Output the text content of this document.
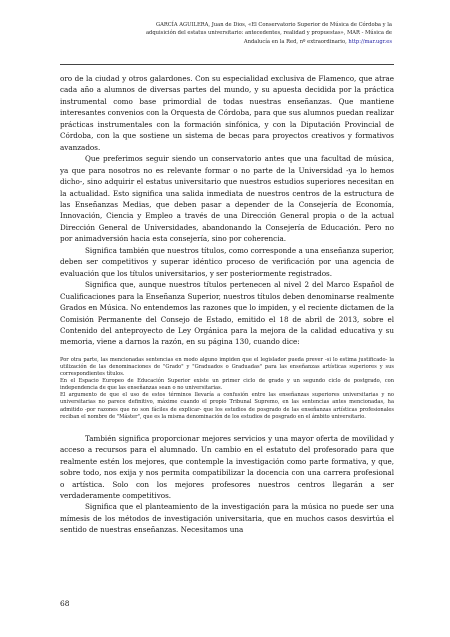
GARCÍA AGUILERA, Juan de Dios, «El Conservatorio Superior de Música de Córdoba y la
adquisición del estatus universitario: antecedentes, realidad y propuestas», MAR - Música de
Andalucía en la Red, nº extraordinario, http://mar.ugr.es

oro de la ciudad y otros galardones. Con su especialidad exclusiva de Flamenco, que atrae cada año a alumnos de diversas partes del mundo, y su apuesta decidida por la práctica instrumental como base primordial de todas nuestras enseñanzas. Que mantiene interesantes convenios con la Orquesta de Córdoba, para que sus alumnos puedan realizar prácticas instrumentales con la formación sinfónica, y con la Diputación Provincial de Córdoba, con la que sostiene un sistema de becas para proyectos creativos y formativos avanzados.

Que preferimos seguir siendo un conservatorio antes que una facultad de música, ya que para nosotros no es relevante formar o no parte de la Universidad -ya lo hemos dicho-, sino adquirir el estatus universitario que nuestros estudios superiores necesitan en la actualidad. Esto significa una salida inmediata de nuestros centros de la estructura de las Enseñanzas Medias, que deben pasar a depender de la Consejería de Economía, Innovación, Ciencia y Empleo a través de una Dirección General propia o de la actual Dirección General de Universidades, abandonando la Consejería de Educación. Pero no por animadversión hacia esta consejería, sino por coherencia.

Significa también que nuestros títulos, como corresponde a una enseñanza superior, deben ser competitivos y superar idéntico proceso de verificación por una agencia de evaluación que los títulos universitarios, y ser posteriormente registrados.

Significa que, aunque nuestros títulos pertenecen al nivel 2 del Marco Español de Cualificaciones para la Enseñanza Superior, nuestros títulos deben denominarse realmente Grados en Música. No entendemos las razones que lo impiden, y el reciente dictamen de la Comisión Permanente del Consejo de Estado, emitido el 18 de abril de 2013, sobre el Contenido del anteproyecto de Ley Orgánica para la mejora de la calidad educativa y su memoria, viene a darnos la razón, en su página 130, cuando dice:

Por otra parte, las mencionadas sentencias en modo alguno impiden que el legislador pueda prever -si lo estima justificado- la utilización de las denominaciones de "Grado" y "Graduados o Graduadas" para las enseñanzas artísticas superiores y sus correspondientes títulos.

En el Espacio Europeo de Educación Superior existe un primer ciclo de grado y un segundo ciclo de postgrado, con independencia de que las enseñanzas sean o no universitarias.

El argumento de que el uso de estos términos llevaría a confusión entre las enseñanzas superiores universitarias y no universitarias no parece definitivo, máxime cuando el propio Tribunal Supremo, en las sentencias antes mencionadas, ha admitido -por razones que no son fáciles de explicar- que los estudios de posgrado de las enseñanzas artísticas profesionales reciban el nombre de "Máster", que es la misma denominación de los estudios de posgrado en el ámbito universitario.

También significa proporcionar mejores servicios y una mayor oferta de movilidad y acceso a recursos para el alumnado. Un cambio en el estatuto del profesorado para que realmente estén los mejores, que contemple la investigación como parte formativa, y que, sobre todo, nos exija y nos permita compatibilizar la docencia con una carrera profesional o artística. Solo con los mejores profesores nuestros centros llegarán a ser verdaderamente competitivos.

Significa que el planteamiento de la investigación para la música no puede ser una mímesis de los métodos de investigación universitaria, que en muchos casos desvirtúa el sentido de nuestras enseñanzas. Necesitamos una

68
